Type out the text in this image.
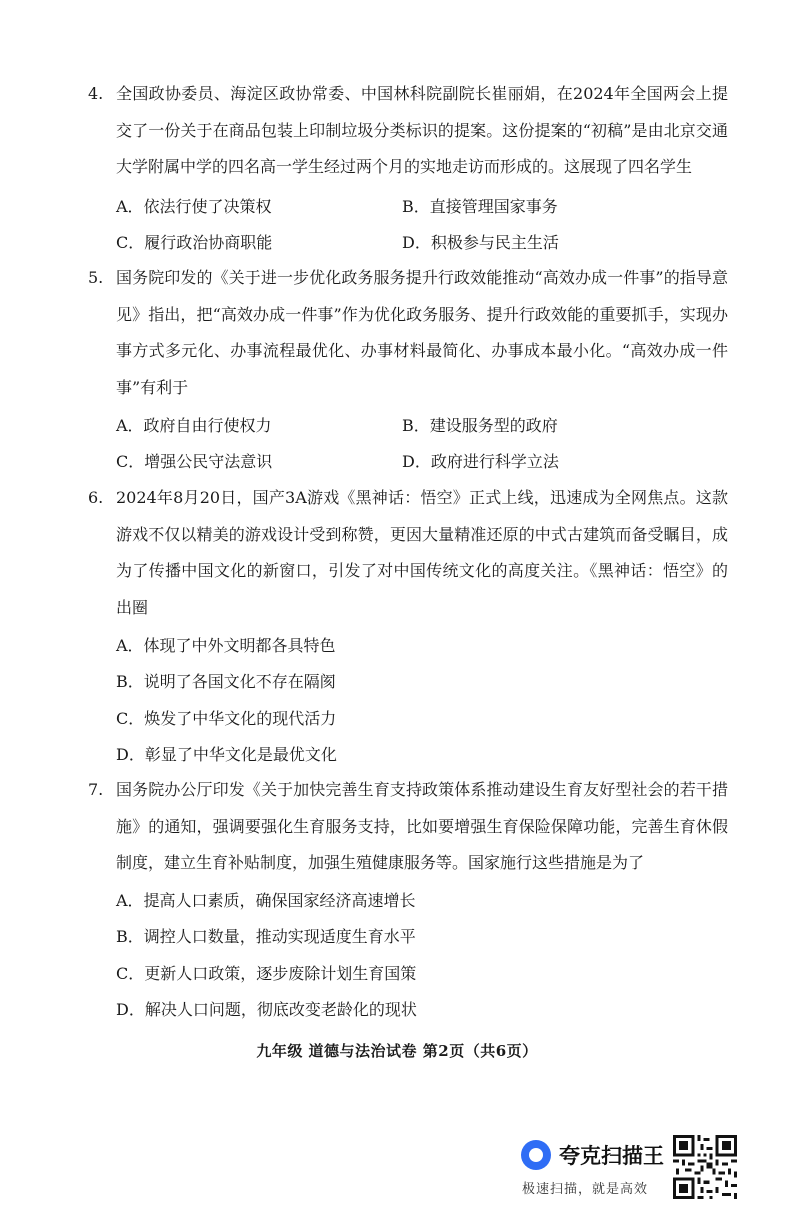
4. 全国政协委员、海淀区政协常委、中国林科院副院长崔丽娟，在2024年全国两会上提交了一份关于在商品包装上印制垃圾分类标识的提案。这份提案的“初稿”是由北京交通大学附属中学的四名高一学生经过两个月的实地走访而形成的。这展现了四名学生
A．依法行使了决策权	B．直接管理国家事务
C．履行政治协商职能	D．积极参与民主生活
5. 国务院印发的《关于进一步优化政务服务提升行政效能推动“高效办成一件事”的指导意见》指出，把“高效办成一件事”作为优化政务服务、提升行政效能的重要抓手，实现办事方式多元化、办事流程最优化、办事材料最简化、办事成本最小化。“高效办成一件事”有利于
A．政府自由行使权力	B．建设服务型的政府
C．增强公民守法意识	D．政府进行科学立法
6. 2024年8月20日，国产3A游戏《黑神话：悟空》正式上线，迅速成为全网焦点。这款游戏不仅以精美的游戏设计受到称赞，更因大量精准还原的中式古建筑而备受瞩目，成为了传播中国文化的新窗口，引发了对中国传统文化的高度关注。《黑神话：悟空》的出圈
A．体现了中外文明都各具特色
B．说明了各国文化不存在隔阂
C．焕发了中华文化的现代活力
D．彰显了中华文化是最优文化
7. 国务院办公厅印发《关于加快完善生育支持政策体系推动建设生育友好型社会的若干措施》的通知，强调要强化生育服务支持，比如要增强生育保险保障功能，完善生育休假制度，建立生育补贴制度，加强生殖健康服务等。国家施行这些措施是为了
A．提高人口素质，确保国家经济高速增长
B．调控人口数量，推动实现适度生育水平
C．更新人口政策，逐步废除计划生育国策
D．解决人口问题，彻底改变老龄化的现状
九年级 道德与法治试卷 第2页（共6页）
夸克扫描王
极速扫描，就是高效
